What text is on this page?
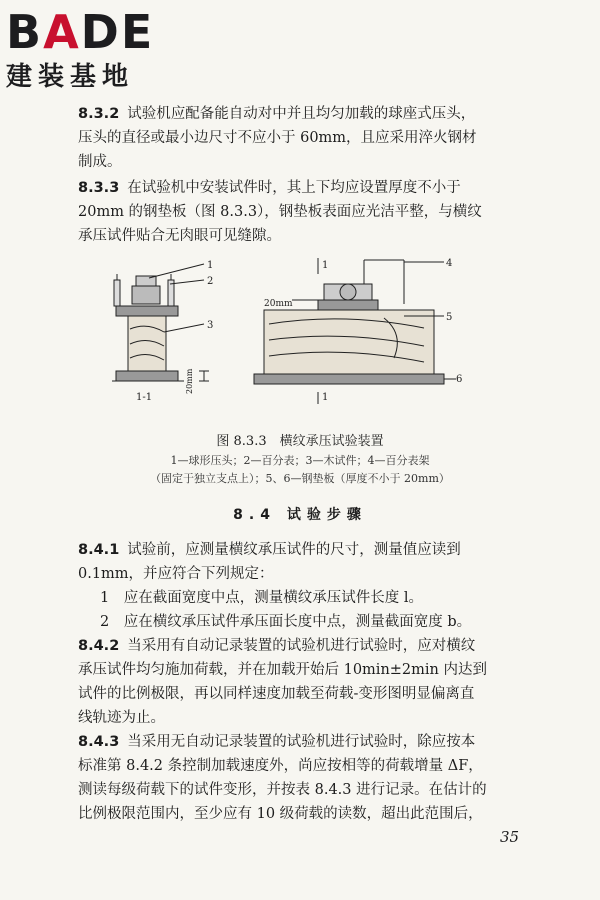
BADE
建装基地
8.3.2 试验机应配备能自动对中并且均匀加载的球座式压头，
压头的直径或最小边尺寸不应小于 60mm，且应采用淬火钢材
制成。
8.3.3 在试验机中安装试件时，其上下均应设置厚度不小于
20mm 的钢垫板（图 8.3.3），钢垫板表面应光洁平整，与横纹
承压试件贴合无肉眼可见缝隙。
1
2
3
20mm
1-1
1
1
4
5
6
20mm
图 8.3.3　横纹承压试验装置
1—球形压头；2—百分表；3—木试件；4—百分表架
（固定于独立支点上）；5、6—钢垫板（厚度不小于 20mm）
8.4 试验步骤
8.4.1 试验前，应测量横纹承压试件的尺寸，测量值应读到
0.1mm，并应符合下列规定：
1　应在截面宽度中点，测量横纹承压试件长度 l。
2　应在横纹承压试件承压面长度中点，测量截面宽度 b。
8.4.2 当采用有自动记录装置的试验机进行试验时，应对横纹
承压试件均匀施加荷载，并在加载开始后 10min±2min 内达到
试件的比例极限，再以同样速度加载至荷载-变形图明显偏离直
线轨迹为止。
8.4.3 当采用无自动记录装置的试验机进行试验时，除应按本
标准第 8.4.2 条控制加载速度外，尚应按相等的荷载增量 ΔF，
测读每级荷载下的试件变形，并按表 8.4.3 进行记录。在估计的
比例极限范围内，至少应有 10 级荷载的读数，超出此范围后，
35
